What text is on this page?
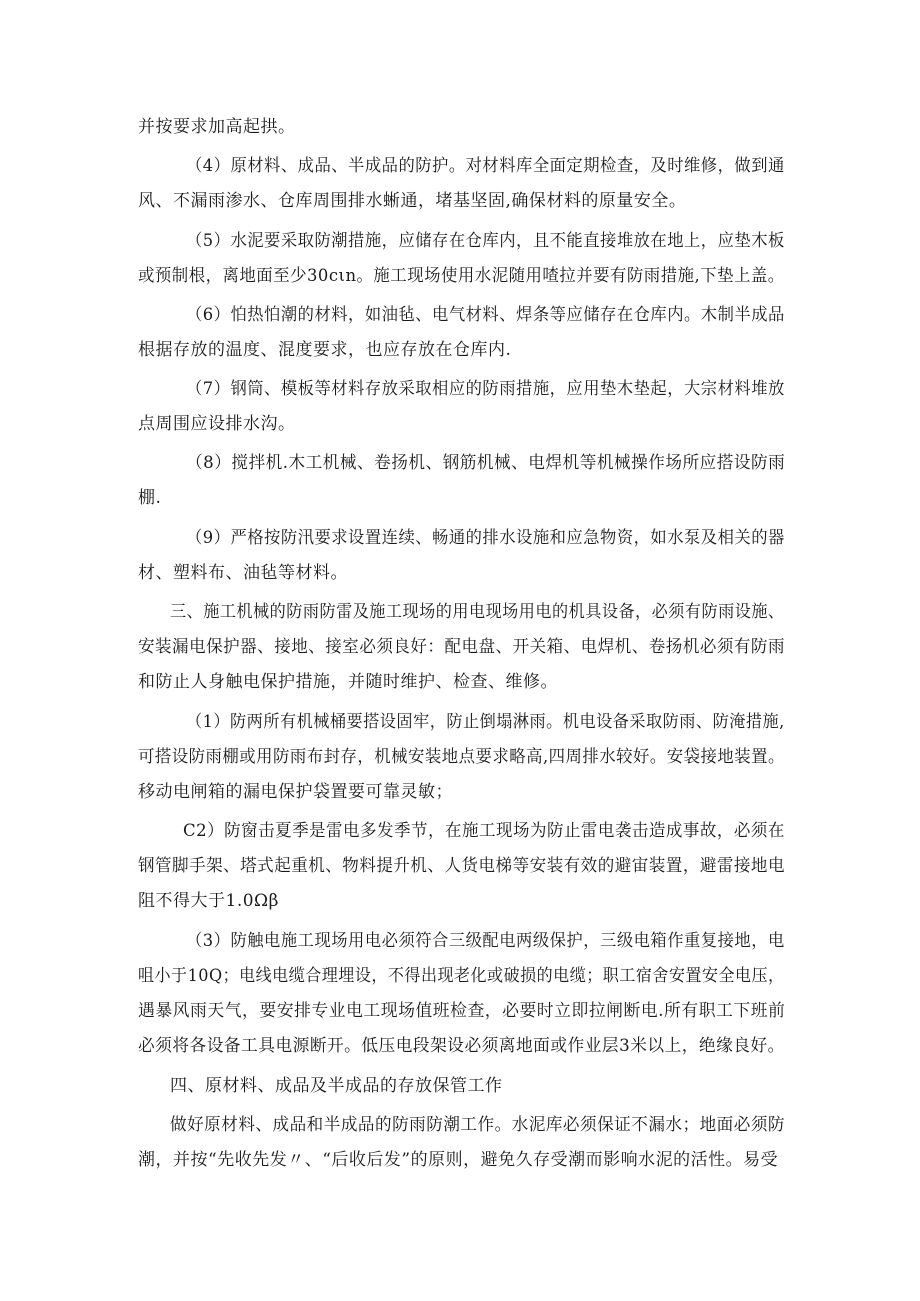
并按要求加高起拱。
（4）原材料、成品、半成品的防护。对材料库全面定期检查，及时维修，做到通
风、不漏雨渗水、仓库周围排水蜥通，堵基坚固,确保材料的原量安全。
（5）水泥要采取防潮措施，应储存在仓库内，且不能直接堆放在地上，应垫木板
或预制根，离地面至少30cιn。施工现场使用水泥随用喳拉并要有防雨措施,下垫上盖。
（6）怕热怕潮的材料，如油毡、电气材料、焊条等应储存在仓库内。木制半成品
根据存放的温度、混度要求，也应存放在仓库内.
（7）钢筒、模板等材料存放采取相应的防雨措施，应用垫木垫起，大宗材料堆放
点周围应设排水沟。
（8）搅拌机.木工机械、卷扬机、钢筋机械、电焊机等机械操作场所应搭设防雨
棚.
（9）严格按防汛要求设置连续、畅通的排水设施和应急物资，如水泵及相关的器
材、塑料布、油毡等材料。
三、施工机械的防雨防雷及施工现场的用电现场用电的机具设备，必须有防雨设施、
安装漏电保护器、接地、接室必须良好：配电盘、开关箱、电焊机、卷扬机必须有防雨
和防止人身触电保护措施，并随时维护、检查、维修。
（1）防两所有机械桶要搭设固牢，防止倒塌淋雨。机电设备采取防雨、防淹措施,
可搭设防雨棚或用防雨布封存，机械安装地点要求略高,四周排水较好。安袋接地装置。
移动电闸箱的漏电保护袋置要可靠灵敏；
C2）防窗击夏季是雷电多发季节，在施工现场为防止雷电袭击造成事故，必须在
钢管脚手架、塔式起重机、物料提升机、人货电梯等安装有效的避宙装置，避雷接地电
阻不得大于1.0Ωβ
（3）防触电施工现场用电必须符合三级配电两级保护，三级电箱作重复接地，电
咀小于10Q；电线电缆合理埋设，不得出现老化或破损的电缆；职工宿舍安置安全电压，
遇暴风雨天气，要安排专业电工现场值班检查，必要时立即拉闸断电.所有职工下班前
必须将各设备工具电源断开。低压电段架设必须离地面或作业层3米以上，绝缘良好。
四、原材料、成品及半成品的存放保管工作
做好原材料、成品和半成品的防雨防潮工作。水泥库必须保证不漏水；地面必须防
潮，并按“先收先发〃、“后收后发”的原则，避免久存受潮而影响水泥的活性。易受
